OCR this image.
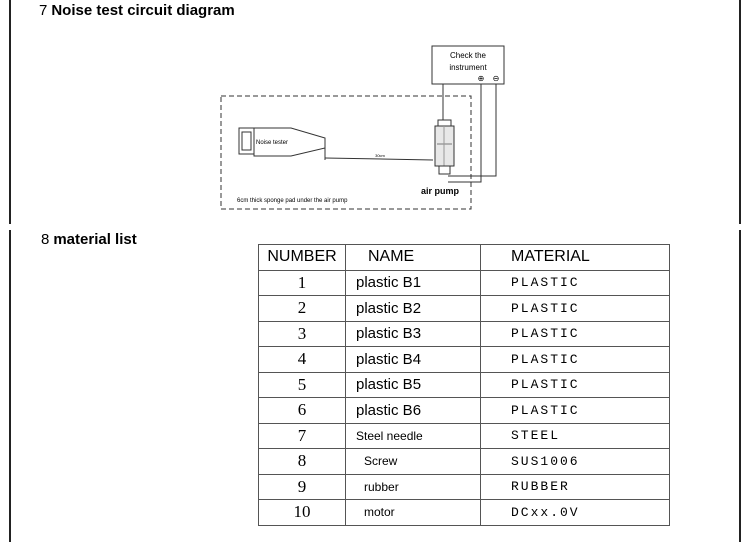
7 Noise test circuit diagram
Check the
instrument
⊕ ⊖
air pump
Noise tester
30cm
6cm thick sponge pad under the air pump
8 material list
NUMBER	NAME	MATERIAL
1	plastic B1	PLASTIC
2	plastic B2	PLASTIC
3	plastic B3	PLASTIC
4	plastic B4	PLASTIC
5	plastic B5	PLASTIC
6	plastic B6	PLASTIC
7	Steel needle	STEEL
8	Screw	SUS1006
9	rubber	RUBBER
10	motor	DCxx.0V
